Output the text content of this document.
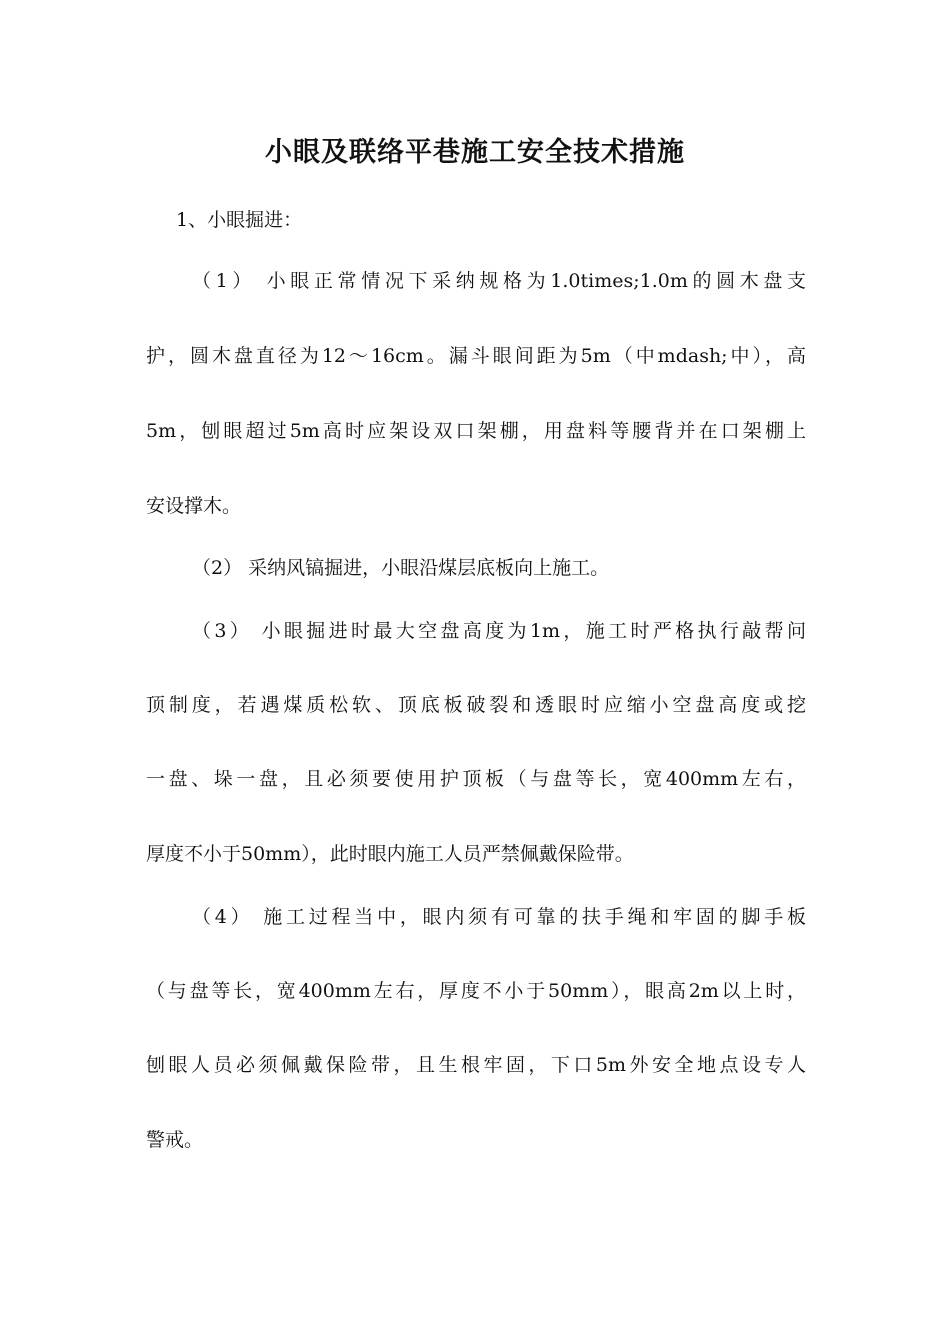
小眼及联络平巷施工安全技术措施

1、小眼掘进：

（1） 小眼正常情况下采纳规格为1.0times;1.0m的圆木盘支

护，圆木盘直径为12～16cm。漏斗眼间距为5m（中mdash;中），高

5m，刨眼超过5m高时应架设双口架棚，用盘料等腰背并在口架棚上

安设撑木。

（2） 采纳风镐掘进，小眼沿煤层底板向上施工。

（3） 小眼掘进时最大空盘高度为1m，施工时严格执行敲帮问

顶制度，若遇煤质松软、顶底板破裂和透眼时应缩小空盘高度或挖

一盘、垛一盘，且必须要使用护顶板（与盘等长，宽400mm左右，

厚度不小于50mm），此时眼内施工人员严禁佩戴保险带。

（4） 施工过程当中，眼内须有可靠的扶手绳和牢固的脚手板

（与盘等长，宽400mm左右，厚度不小于50mm），眼高2m以上时，

刨眼人员必须佩戴保险带，且生根牢固，下口5m外安全地点设专人

警戒。
